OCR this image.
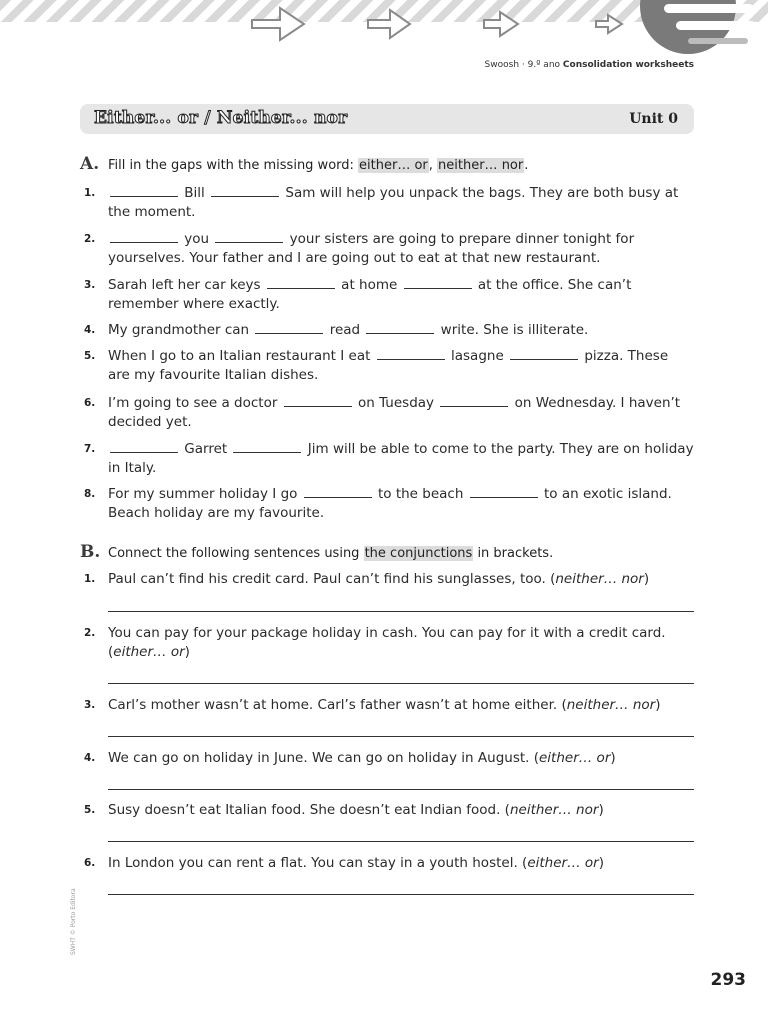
Swoosh · 9.º ano Consolidation worksheets
Either... or / Neither... nor	Unit 0
A. Fill in the gaps with the missing word: either… or, neither… nor.
1.	Bill	Sam will help you unpack the bags. They are both busy at the moment.
2.	you	your sisters are going to prepare dinner tonight for yourselves. Your father and I are going out to eat at that new restaurant.
3. Sarah left her car keys	at home	at the office. She can’t remember where exactly.
4. My grandmother can	read	write. She is illiterate.
5. When I go to an Italian restaurant I eat	lasagne	pizza. These are my favourite Italian dishes.
6. I’m going to see a doctor	on Tuesday	on Wednesday. I haven’t decided yet.
7.	Garret	Jim will be able to come to the party. They are on holiday in Italy.
8. For my summer holiday I go	to the beach	to an exotic island. Beach holiday are my favourite.
B. Connect the following sentences using the conjunctions in brackets.
1. Paul can’t find his credit card. Paul can’t find his sunglasses, too. (neither… nor)
2. You can pay for your package holiday in cash. You can pay for it with a credit card. (either… or)
3. Carl’s mother wasn’t at home. Carl’s father wasn’t at home either. (neither… nor)
4. We can go on holiday in June. We can go on holiday in August. (either… or)
5. Susy doesn’t eat Italian food. She doesn’t eat Indian food. (neither… nor)
6. In London you can rent a flat. You can stay in a youth hostel. (either… or)
SWHT © Porto Editora
293
